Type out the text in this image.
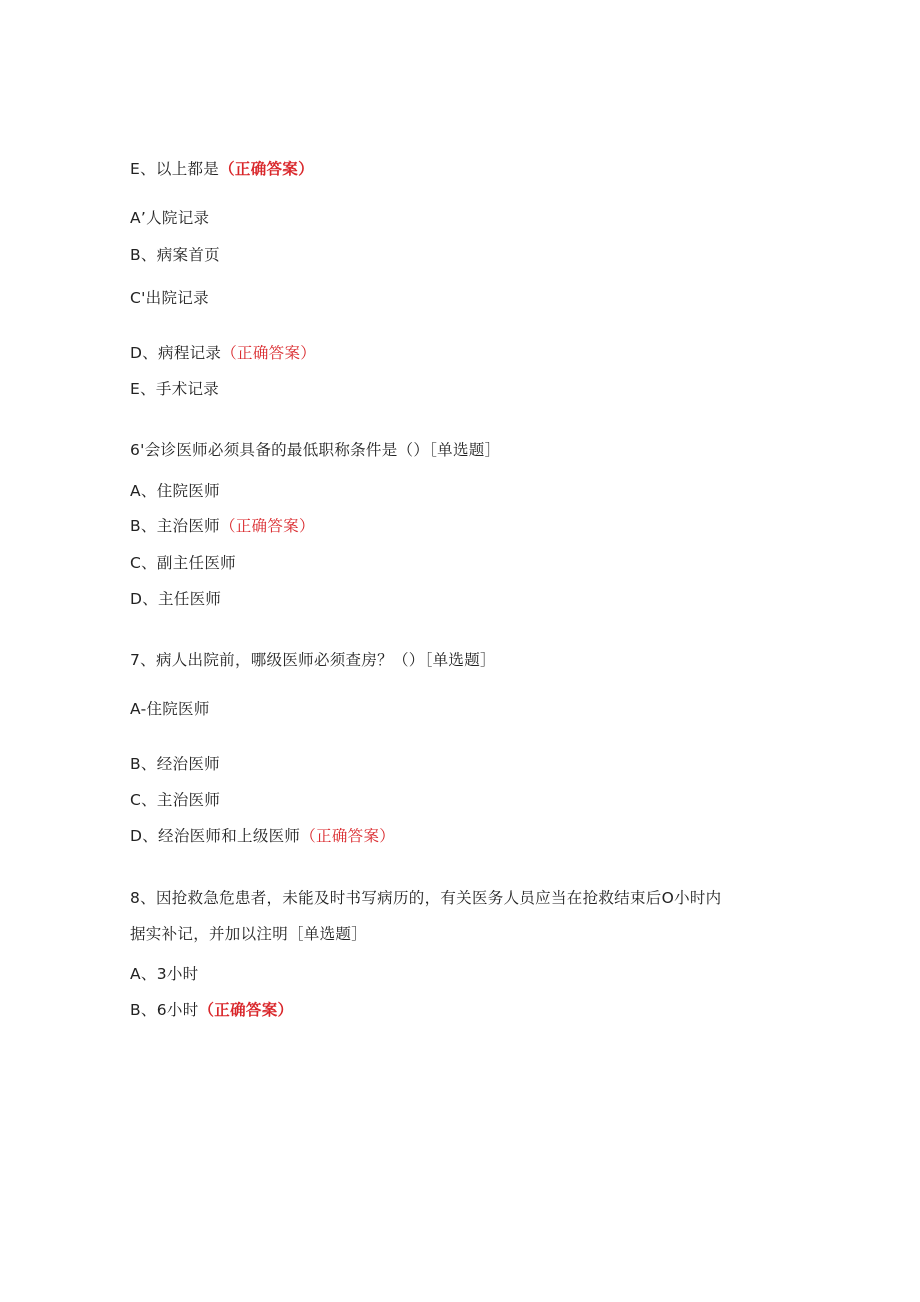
E、以上都是（正确答案）
A’人院记录
B、病案首页
C'出院记录
D、病程记录（正确答案）
E、手术记录
6'会诊医师必须具备的最低职称条件是（）［单选题］
A、住院医师
B、主治医师（正确答案）
C、副主任医师
D、主任医师
7、病人出院前，哪级医师必须查房？（）［单选题］
A-住院医师
B、经治医师
C、主治医师
D、经治医师和上级医师（正确答案）
8、因抢救急危患者，未能及时书写病历的，有关医务人员应当在抢救结束后O小时内
据实补记，并加以注明［单选题］
A、3小时
B、6小时（正确答案）
